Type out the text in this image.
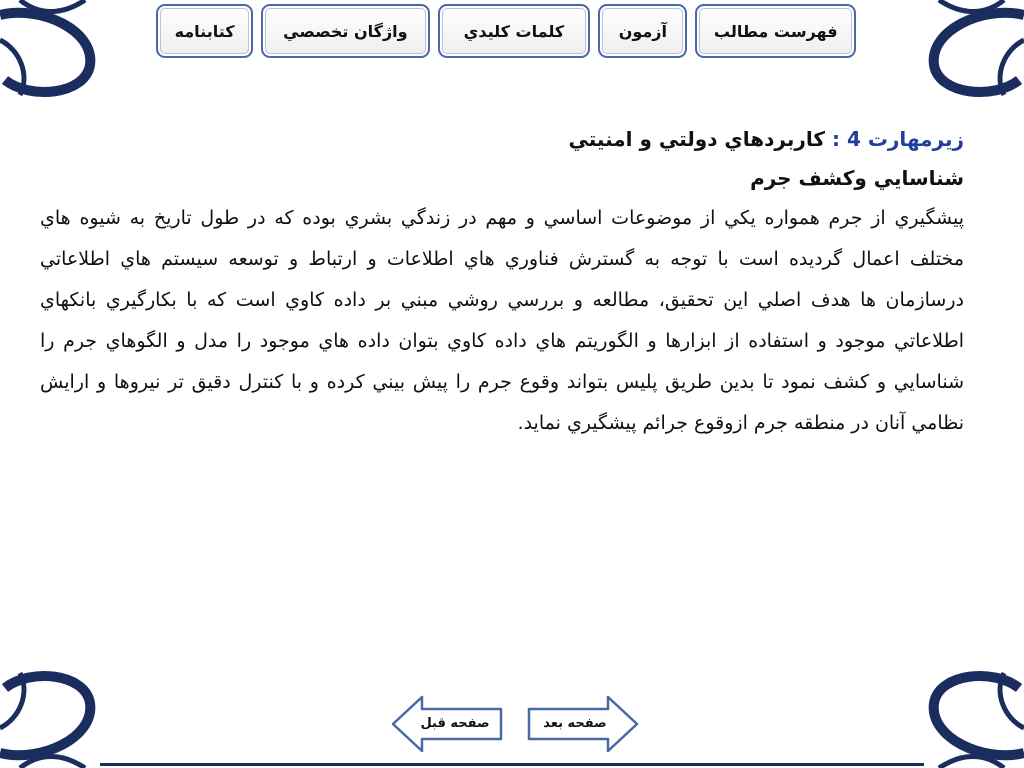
فهرست مطالب
آزمون
كلمات كليدي
واژگان تخصصي
كتابنامه
زيرمهارت 4 : كاربردهاي دولتي و امنيتي
شناسايي وكشف جرم

پيشگيري از جرم همواره يكي از موضوعات اساسي و مهم در زندگي بشري بوده كه در طول تاريخ به شيوه هاي مختلف اعمال گرديده است با توجه به گسترش فناوري هاي اطلاعات و ارتباط و توسعه سيستم هاي اطلاعاتي درسازمان ها هدف اصلي اين تحقيق، مطالعه و بررسي روشي مبني بر داده كاوي است كه با بكارگيري بانكهاي اطلاعاتي موجود و استفاده از ابزارها و الگوريتم هاي داده كاوي بتوان داده هاي موجود را مدل و الگوهاي جرم را شناسايي و كشف نمود تا بدين طريق پليس بتواند وقوع جرم را پيش بيني كرده و با كنترل دقيق تر نيروها و ارايش نظامي آنان در منطقه جرم ازوقوع جرائم پيشگيري نمايد.

صفحه قبل	صفحه بعد
